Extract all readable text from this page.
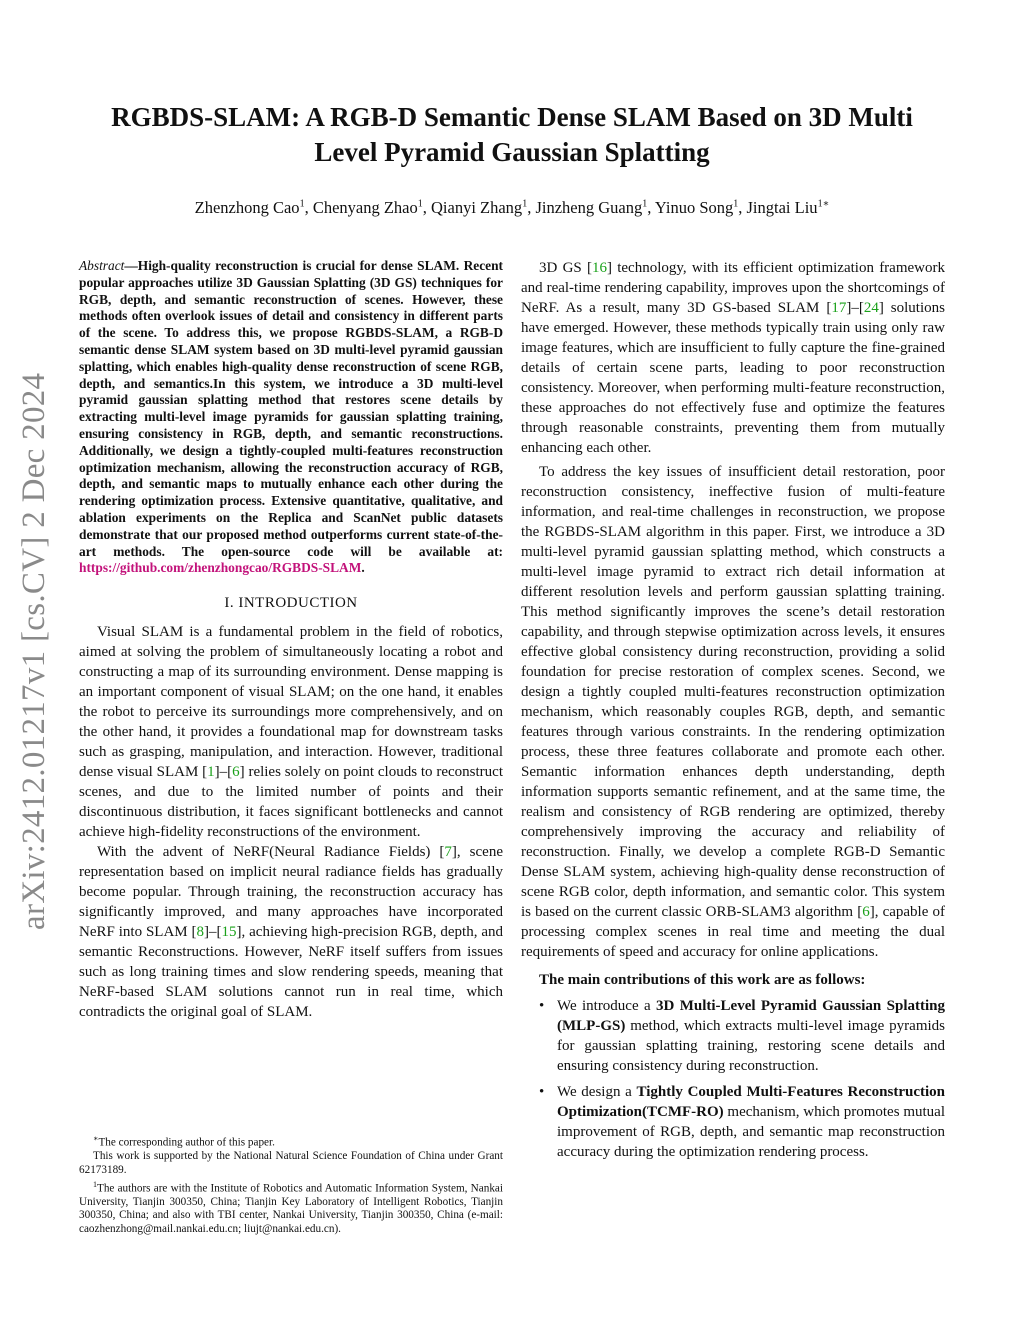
arXiv:2412.01217v1 [cs.CV] 2 Dec 2024
RGBDS-SLAM: A RGB-D Semantic Dense SLAM Based on 3D Multi Level Pyramid Gaussian Splatting
Zhenzhong Cao$^1$, Chenyang Zhao$^1$, Qianyi Zhang$^1$, Jinzheng Guang$^1$, Yinuo Song$^1$, Jingtai Liu$^{1∗}$

Abstract—High-quality reconstruction is crucial for dense SLAM. Recent popular approaches utilize 3D Gaussian Splatting (3D GS) techniques for RGB, depth, and semantic reconstruction of scenes. However, these methods often overlook issues of detail and consistency in different parts of the scene. To address this, we propose RGBDS-SLAM, a RGB-D semantic dense SLAM system based on 3D multi-level pyramid gaussian splatting, which enables high-quality dense reconstruction of scene RGB, depth, and semantics.In this system, we introduce a 3D multi-level pyramid gaussian splatting method that restores scene details by extracting multi-level image pyramids for gaussian splatting training, ensuring consistency in RGB, depth, and semantic reconstructions. Additionally, we design a tightly-coupled multi-features reconstruction optimization mechanism, allowing the reconstruction accuracy of RGB, depth, and semantic maps to mutually enhance each other during the rendering optimization process. Extensive quantitative, qualitative, and ablation experiments on the Replica and ScanNet public datasets demonstrate that our proposed method outperforms current state-of-the-art methods. The open-source code will be available at: https://github.com/zhenzhongcao/RGBDS-SLAM.

I. INTRODUCTION

Visual SLAM is a fundamental problem in the field of robotics, aimed at solving the problem of simultaneously locating a robot and constructing a map of its surrounding environment. Dense mapping is an important component of visual SLAM; on the one hand, it enables the robot to perceive its surroundings more comprehensively, and on the other hand, it provides a foundational map for downstream tasks such as grasping, manipulation, and interaction. However, traditional dense visual SLAM [1]–[6] relies solely on point clouds to reconstruct scenes, and due to the limited number of points and their discontinuous distribution, it faces significant bottlenecks and cannot achieve high-fidelity reconstructions of the environment.

With the advent of NeRF(Neural Radiance Fields) [7], scene representation based on implicit neural radiance fields has gradually become popular. Through training, the reconstruction accuracy has significantly improved, and many approaches have incorporated NeRF into SLAM [8]–[15], achieving high-precision RGB, depth, and semantic Reconstructions. However, NeRF itself suffers from issues such as long training times and slow rendering speeds, meaning that NeRF-based SLAM solutions cannot run in real time, which contradicts the original goal of SLAM.

∗The corresponding author of this paper.

This work is supported by the National Natural Science Foundation of China under Grant 62173189.

$^1$The authors are with the Institute of Robotics and Automatic Information System, Nankai University, Tianjin 300350, China; Tianjin Key Laboratory of Intelligent Robotics, Tianjin 300350, China; and also with TBI center, Nankai University, Tianjin 300350, China (e-mail: caozhenzhong@mail.nankai.edu.cn; liujt@nankai.edu.cn).

3D GS [16] technology, with its efficient optimization framework and real-time rendering capability, improves upon the shortcomings of NeRF. As a result, many 3D GS-based SLAM [17]–[24] solutions have emerged. However, these methods typically train using only raw image features, which are insufficient to fully capture the fine-grained details of certain scene parts, leading to poor reconstruction consistency. Moreover, when performing multi-feature reconstruction, these approaches do not effectively fuse and optimize the features through reasonable constraints, preventing them from mutually enhancing each other.

To address the key issues of insufficient detail restoration, poor reconstruction consistency, ineffective fusion of multi-feature information, and real-time challenges in reconstruction, we propose the RGBDS-SLAM algorithm in this paper. First, we introduce a 3D multi-level pyramid gaussian splatting method, which constructs a multi-level image pyramid to extract rich detail information at different resolution levels and perform gaussian splatting training. This method significantly improves the scene’s detail restoration capability, and through stepwise optimization across levels, it ensures effective global consistency during reconstruction, providing a solid foundation for precise restoration of complex scenes. Second, we design a tightly coupled multi-features reconstruction optimization mechanism, which reasonably couples RGB, depth, and semantic features through various constraints. In the rendering optimization process, these three features collaborate and promote each other. Semantic information enhances depth understanding, depth information supports semantic refinement, and at the same time, the realism and consistency of RGB rendering are optimized, thereby comprehensively improving the accuracy and reliability of reconstruction. Finally, we develop a complete RGB-D Semantic Dense SLAM system, achieving high-quality dense reconstruction of scene RGB color, depth information, and semantic color. This system is based on the current classic ORB-SLAM3 algorithm [6], capable of processing complex scenes in real time and meeting the dual requirements of speed and accuracy for online applications.

The main contributions of this work are as follows:
• We introduce a 3D Multi-Level Pyramid Gaussian Splatting (MLP-GS) method, which extracts multi-level image pyramids for gaussian splatting training, restoring scene details and ensuring consistency during reconstruction.
• We design a Tightly Coupled Multi-Features Reconstruction Optimization(TCMF-RO) mechanism, which promotes mutual improvement of RGB, depth, and semantic map reconstruction accuracy during the optimization rendering process.
